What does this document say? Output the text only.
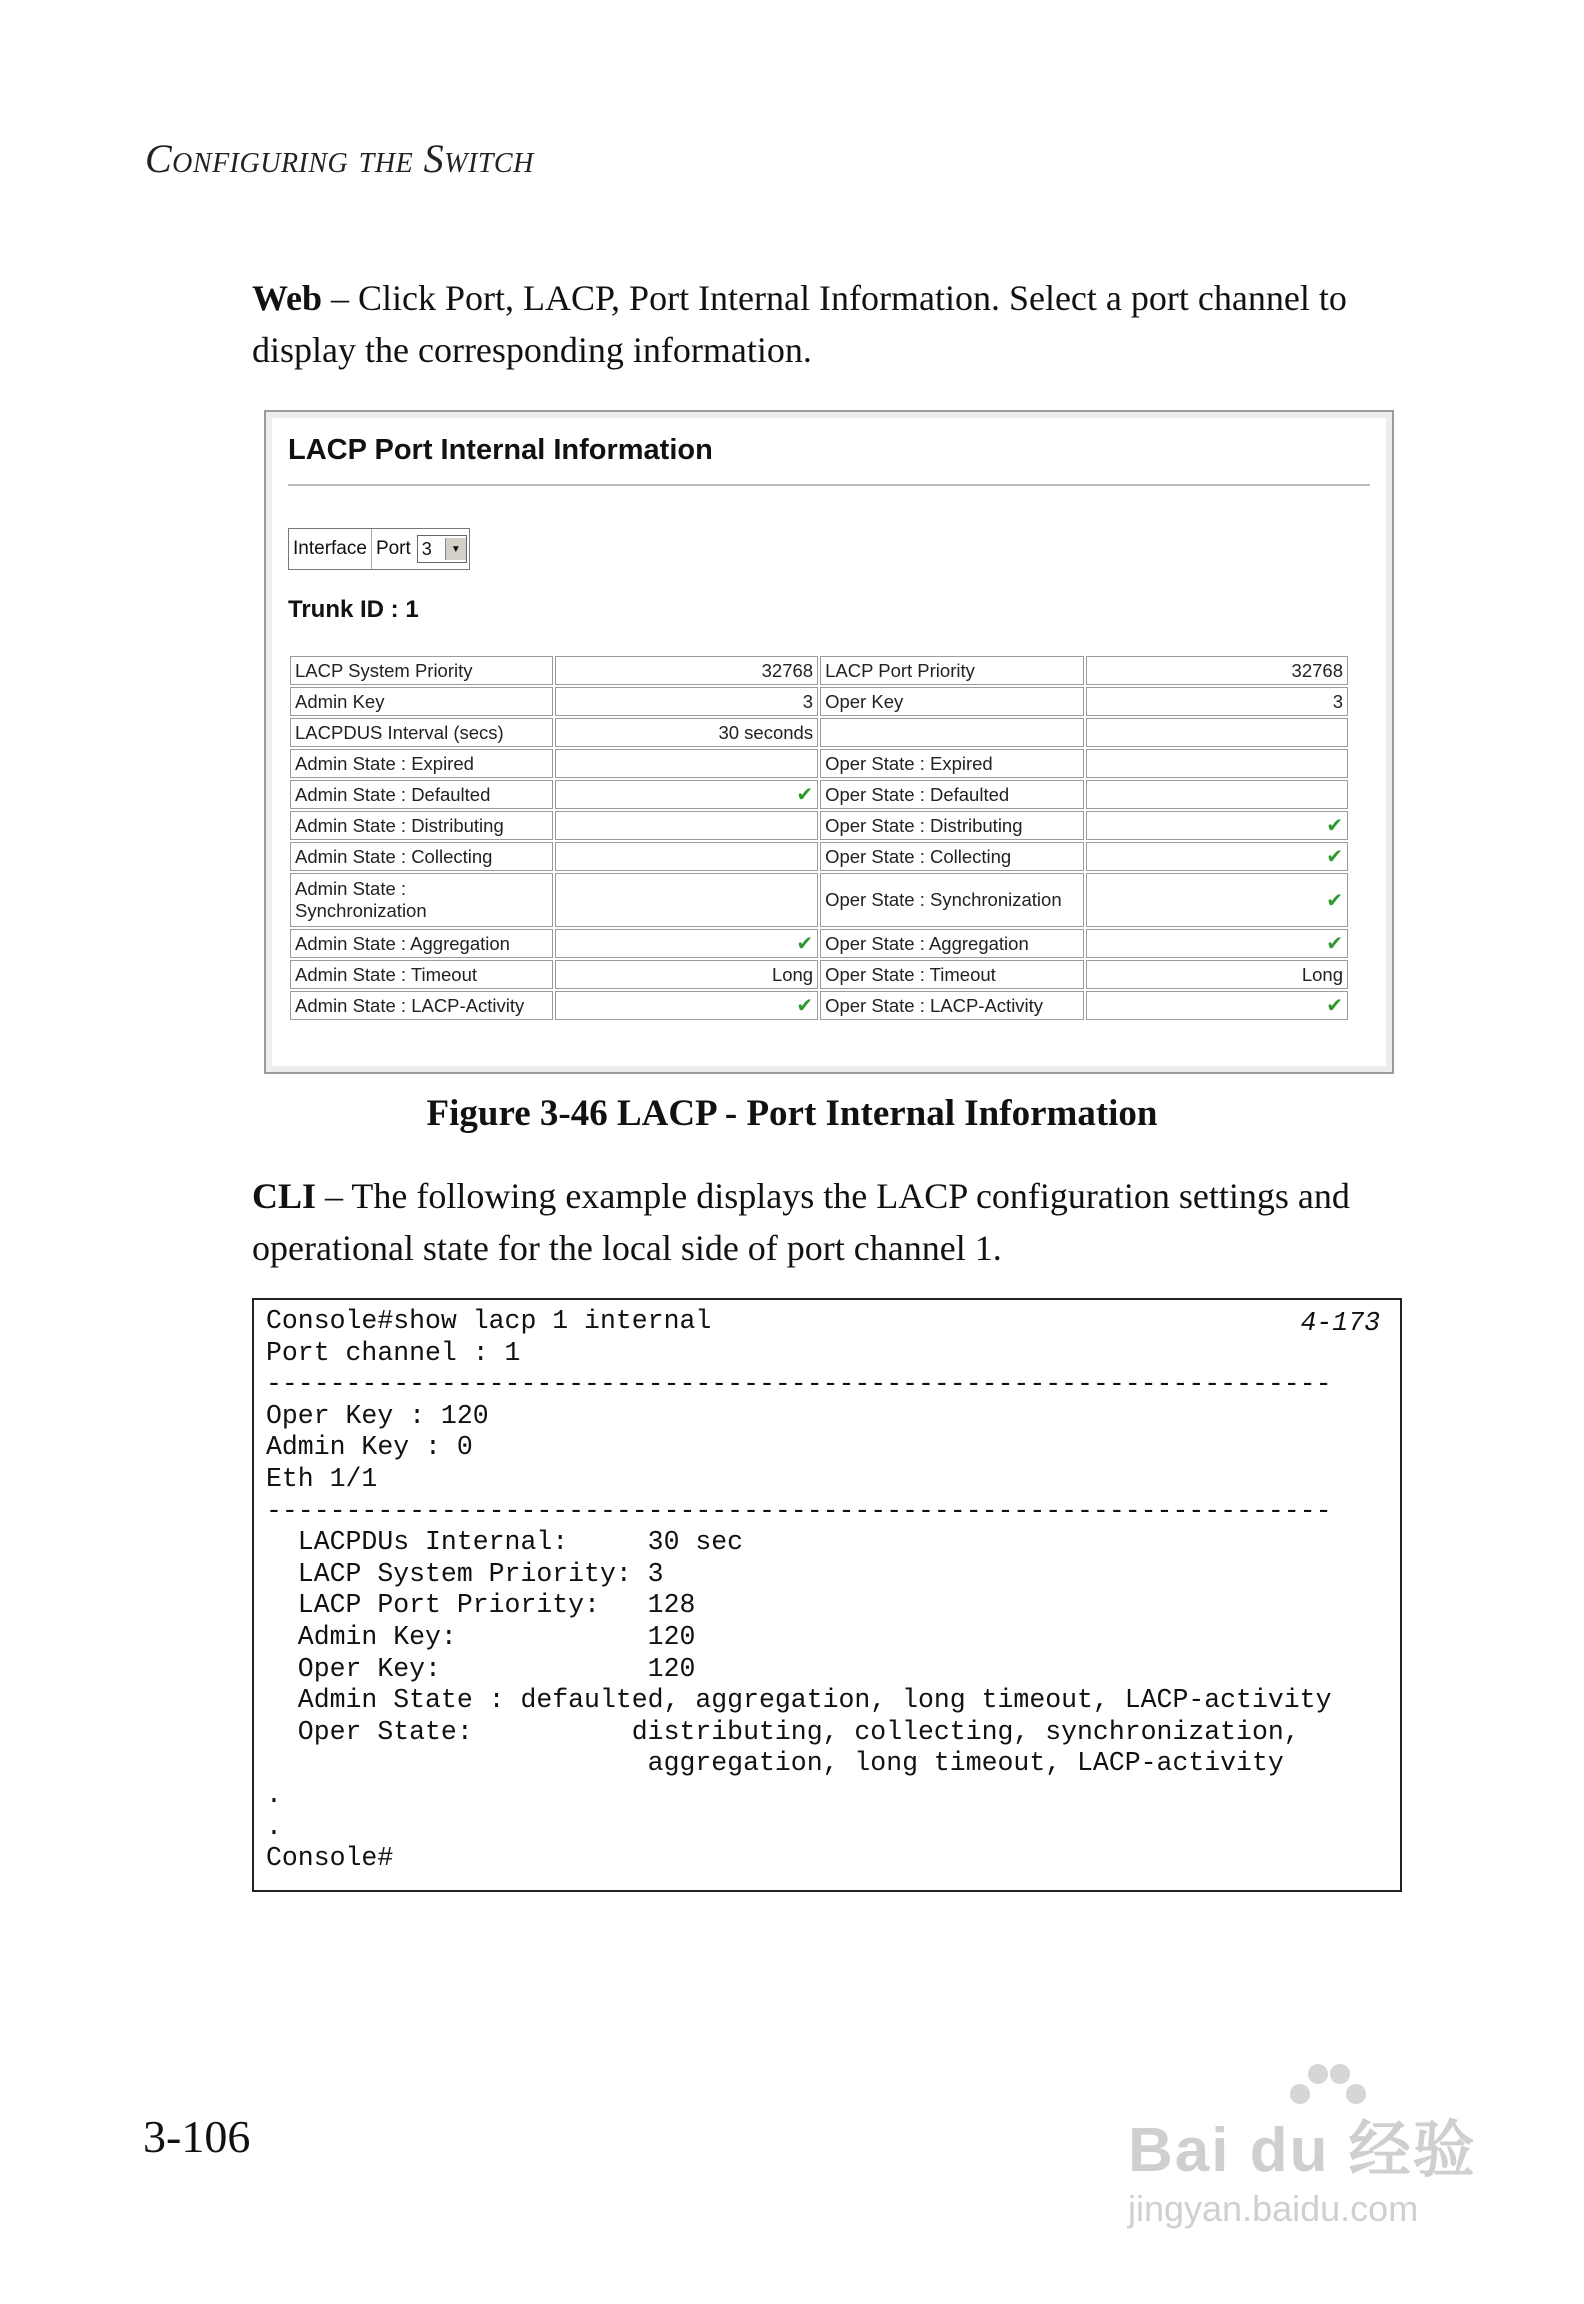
Configuring the Switch
Web – Click Port, LACP, Port Internal Information. Select a port channel to display the corresponding information.
LACP Port Internal Information
Interface Port 3	▼
Trunk ID : 1
LACP System Priority	32768	LACP Port Priority	32768
Admin Key	3	Oper Key	3
LACPDUS Interval (secs)	30 seconds		
Admin State : Expired		Oper State : Expired	
Admin State : Defaulted	✔	Oper State : Defaulted	
Admin State : Distributing		Oper State : Distributing	✔
Admin State : Collecting		Oper State : Collecting	✔
Admin State :
Synchronization		Oper State : Synchronization	✔
Admin State : Aggregation	✔	Oper State : Aggregation	✔
Admin State : Timeout	Long	Oper State : Timeout	Long
Admin State : LACP-Activity	✔	Oper State : LACP-Activity	✔
Figure 3-46 LACP - Port Internal Information
CLI – The following example displays the LACP configuration settings and operational state for the local side of port channel 1.
4-173
Console#show lacp 1 internal
Port channel : 1
-------------------------------------------------------------------
Oper Key : 120
Admin Key : 0
Eth 1/1
-------------------------------------------------------------------
LACPDUs Internal:     30 sec
LACP System Priority: 3
LACP Port Priority:   128
Admin Key:            120
Oper Key:             120
Admin State : defaulted, aggregation, long timeout, LACP-activity
Oper State:          distributing, collecting, synchronization,
aggregation, long timeout, LACP-activity
.
.
Console#
3-106	Bai du 经验
jingyan.baidu.com
